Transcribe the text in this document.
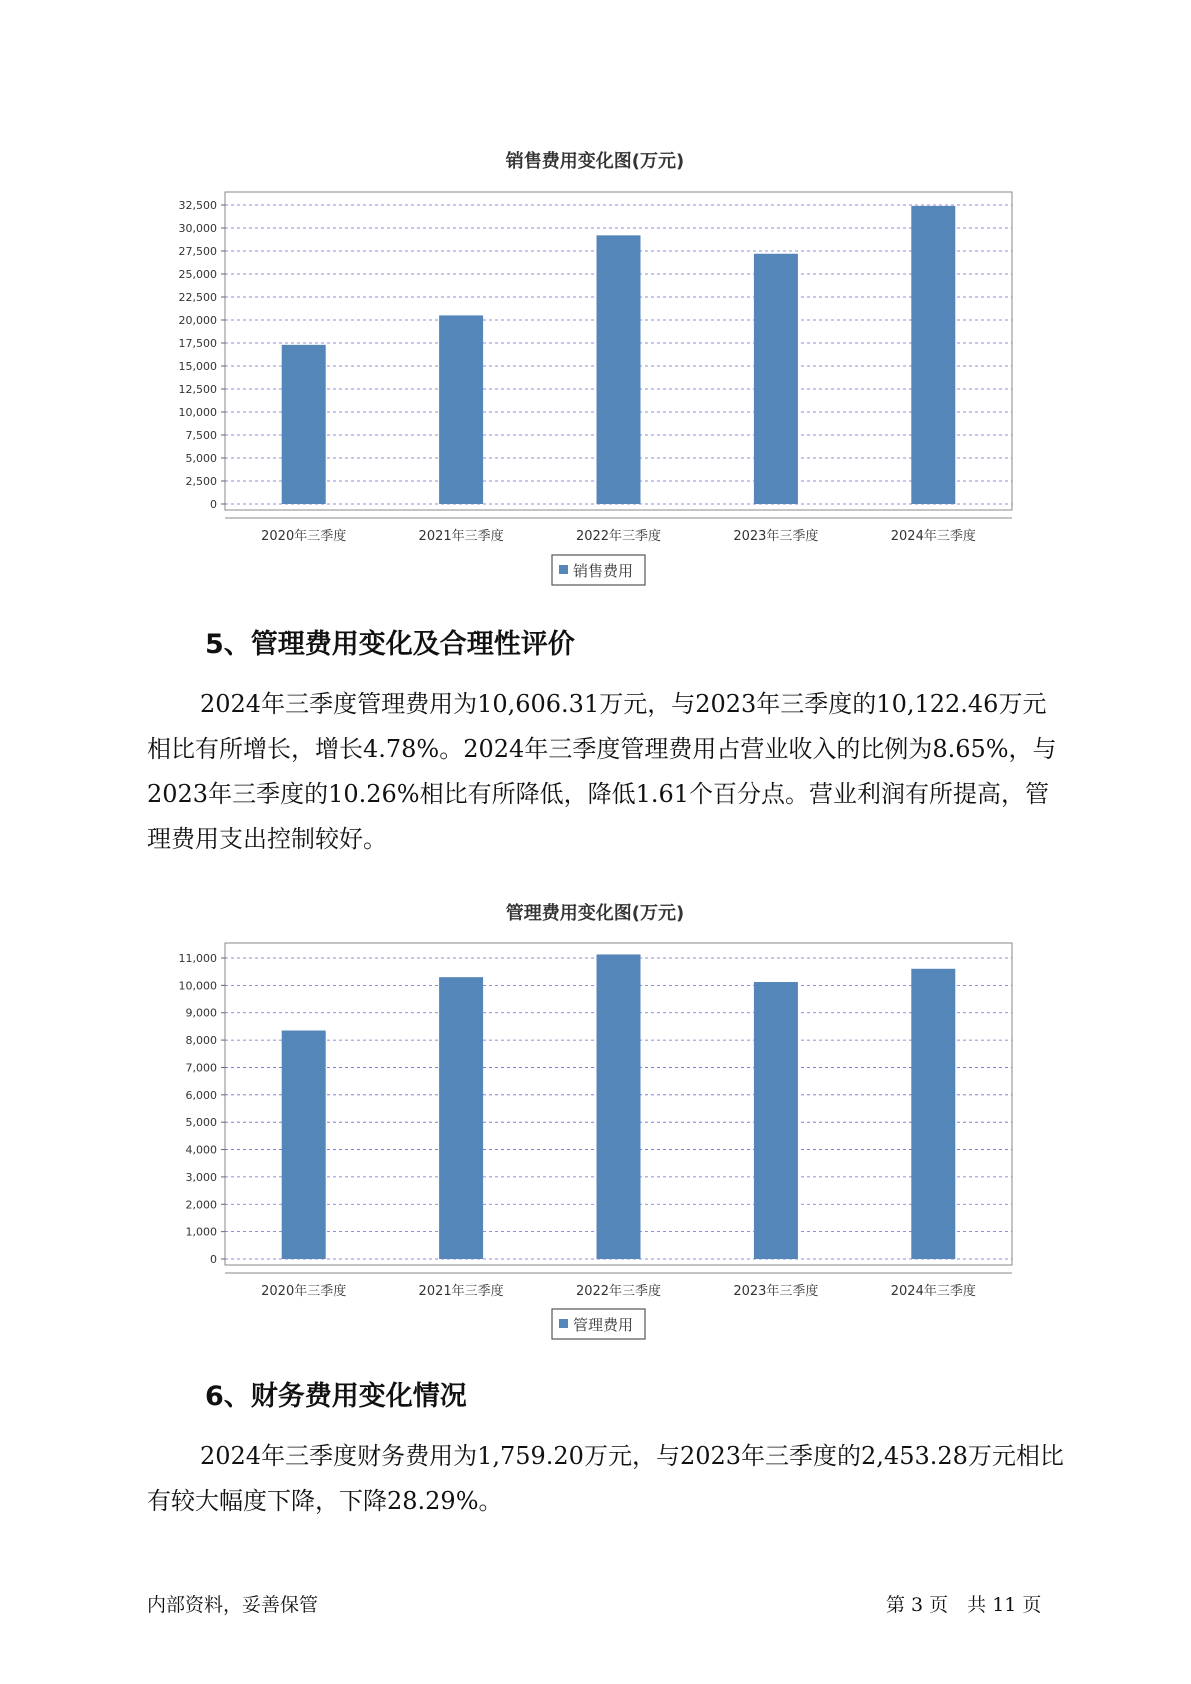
销售费用变化图(万元)
0
2,500
5,000
7,500
10,000
12,500
15,000
17,500
20,000
22,500
25,000
27,500
30,000
32,500
2020年三季度	2021年三季度	2022年三季度	2023年三季度	2024年三季度
销售费用
5、管理费用变化及合理性评价

2024年三季度管理费用为10,606.31万元，与2023年三季度的10,122.46万元相比有所增长，增长4.78%。2024年三季度管理费用占营业收入的比例为8.65%，与2023年三季度的10.26%相比有所降低，降低1.61个百分点。营业利润有所提高，管理费用支出控制较好。

管理费用变化图(万元)
0
1,000
2,000
3,000
4,000
5,000
6,000
7,000
8,000
9,000
10,000
11,000
2020年三季度	2021年三季度	2022年三季度	2023年三季度	2024年三季度
管理费用
6、财务费用变化情况

2024年三季度财务费用为1,759.20万元，与2023年三季度的2,453.28万元相比有较大幅度下降，下降28.29%。

内部资料，妥善保管	第 3 页　共 11 页
